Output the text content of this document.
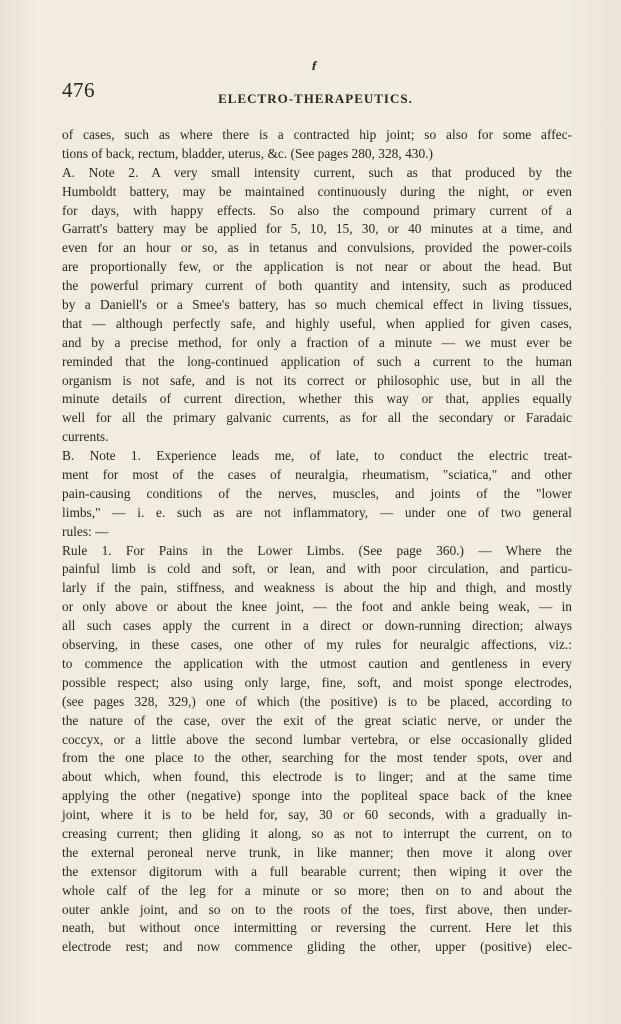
f
476	ELECTRO-THERAPEUTICS.
of cases, such as where there is a contracted hip joint; so also for some affec-
tions of back, rectum, bladder, uterus, &c. (See pages 280, 328, 430.)
A. Note 2. A very small intensity current, such as that produced by the
Humboldt battery, may be maintained continuously during the night, or even
for days, with happy effects. So also the compound primary current of a
Garratt's battery may be applied for 5, 10, 15, 30, or 40 minutes at a time, and
even for an hour or so, as in tetanus and convulsions, provided the power-coils
are proportionally few, or the application is not near or about the head. But
the powerful primary current of both quantity and intensity, such as produced
by a Daniell's or a Smee's battery, has so much chemical effect in living tissues,
that — although perfectly safe, and highly useful, when applied for given cases,
and by a precise method, for only a fraction of a minute — we must ever be
reminded that the long-continued application of such a current to the human
organism is not safe, and is not its correct or philosophic use, but in all the
minute details of current direction, whether this way or that, applies equally
well for all the primary galvanic currents, as for all the secondary or Faradaic
currents.
B. Note 1. Experience leads me, of late, to conduct the electric treat-
ment for most of the cases of neuralgia, rheumatism, "sciatica," and other
pain-causing conditions of the nerves, muscles, and joints of the "lower
limbs," — i. e. such as are not inflammatory, — under one of two general
rules: —
Rule 1. For Pains in the Lower Limbs. (See page 360.) — Where the
painful limb is cold and soft, or lean, and with poor circulation, and particu-
larly if the pain, stiffness, and weakness is about the hip and thigh, and mostly
or only above or about the knee joint, — the foot and ankle being weak, — in
all such cases apply the current in a direct or down-running direction; always
observing, in these cases, one other of my rules for neuralgic affections, viz.:
to commence the application with the utmost caution and gentleness in every
possible respect; also using only large, fine, soft, and moist sponge electrodes,
(see pages 328, 329,) one of which (the positive) is to be placed, according to
the nature of the case, over the exit of the great sciatic nerve, or under the
coccyx, or a little above the second lumbar vertebra, or else occasionally glided
from the one place to the other, searching for the most tender spots, over and
about which, when found, this electrode is to linger; and at the same time
applying the other (negative) sponge into the popliteal space back of the knee
joint, where it is to be held for, say, 30 or 60 seconds, with a gradually in-
creasing current; then gliding it along, so as not to interrupt the current, on to
the external peroneal nerve trunk, in like manner; then move it along over
the extensor digitorum with a full bearable current; then wiping it over the
whole calf of the leg for a minute or so more; then on to and about the
outer ankle joint, and so on to the roots of the toes, first above, then under-
neath, but without once intermitting or reversing the current. Here let this
electrode rest; and now commence gliding the other, upper (positive) elec-
